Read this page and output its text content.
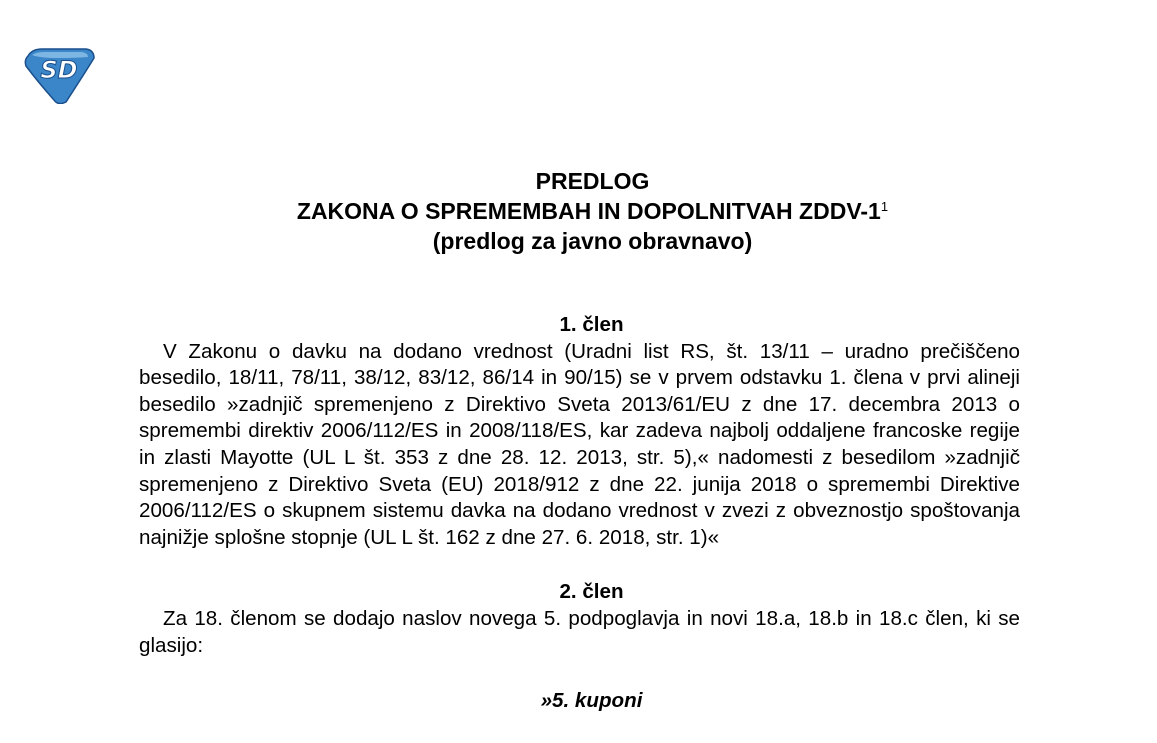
SD
PREDLOG
ZAKONA O SPREMEMBAH IN DOPOLNITVAH ZDDV-$1^1$
(predlog za javno obravnavo)
1. člen

V Zakonu o davku na dodano vrednost (Uradni list RS, št. 13/11 – uradno prečiščeno besedilo, 18/11, 78/11, 38/12, 83/12, 86/14 in 90/15) se v prvem odstavku 1. člena v prvi alineji besedilo »zadnjič spremenjeno z Direktivo Sveta 2013/61/EU z dne 17. decembra 2013 o spremembi direktiv 2006/112/ES in 2008/118/ES, kar zadeva najbolj oddaljene francoske regije in zlasti Mayotte (UL L št. 353 z dne 28. 12. 2013, str. 5),« nadomesti z besedilom »zadnjič spremenjeno z Direktivo Sveta (EU) 2018/912 z dne 22. junija 2018 o spremembi Direktive 2006/112/ES o skupnem sistemu davka na dodano vrednost v zvezi z obveznostjo spoštovanja najnižje splošne stopnje (UL L št. 162 z dne 27. 6. 2018, str. 1)«

2. člen

Za 18. členom se dodajo naslov novega 5. podpoglavja in novi 18.a, 18.b in 18.c člen, ki se glasijo:

»5. kuponi
